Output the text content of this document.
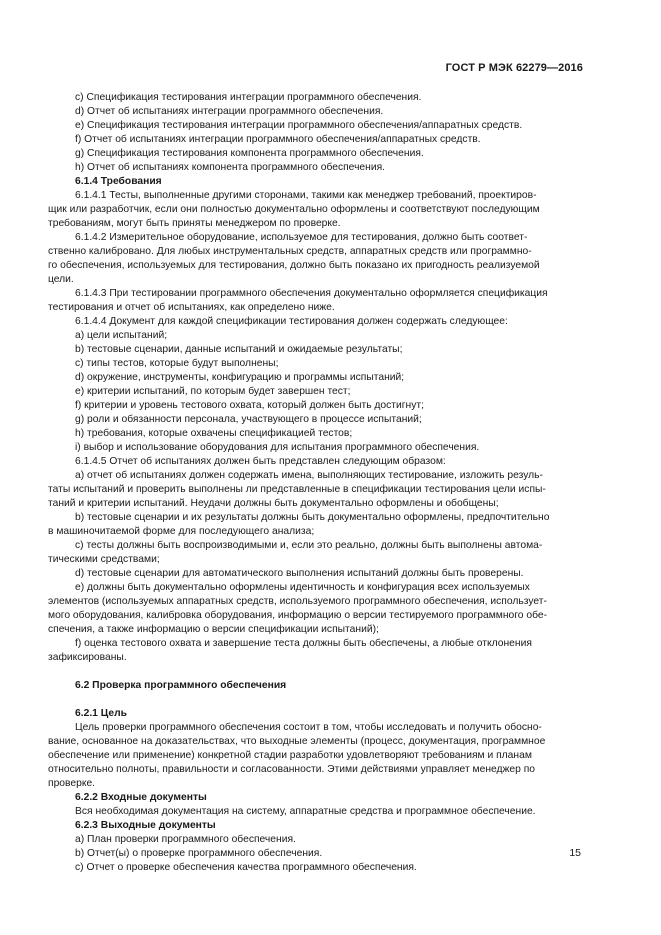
ГОСТ Р МЭК 62279—2016
c) Спецификация тестирования интеграции программного обеспечения.
d) Отчет об испытаниях интеграции программного обеспечения.
e) Спецификация тестирования интеграции программного обеспечения/аппаратных средств.
f) Отчет об испытаниях интеграции программного обеспечения/аппаратных средств.
g) Спецификация тестирования компонента программного обеспечения.
h) Отчет об испытаниях компонента программного обеспечения.
6.1.4 Требования
6.1.4.1 Тесты, выполненные другими сторонами, такими как менеджер требований, проектиров-
щик или разработчик, если они полностью документально оформлены и соответствуют последующим
требованиям, могут быть приняты менеджером по проверке.
6.1.4.2 Измерительное оборудование, используемое для тестирования, должно быть соответ-
ственно калибровано. Для любых инструментальных средств, аппаратных средств или программно-
го обеспечения, используемых для тестирования, должно быть показано их пригодность реализуемой
цели.
6.1.4.3 При тестировании программного обеспечения документально оформляется спецификация
тестирования и отчет об испытаниях, как определено ниже.
6.1.4.4 Документ для каждой спецификации тестирования должен содержать следующее:
a) цели испытаний;
b) тестовые сценарии, данные испытаний и ожидаемые результаты;
c) типы тестов, которые будут выполнены;
d) окружение, инструменты, конфигурацию и программы испытаний;
e) критерии испытаний, по которым будет завершен тест;
f) критерии и уровень тестового охвата, который должен быть достигнут;
g) роли и обязанности персонала, участвующего в процессе испытаний;
h) требования, которые охвачены спецификацией тестов;
i) выбор и использование оборудования для испытания программного обеспечения.
6.1.4.5 Отчет об испытаниях должен быть представлен следующим образом:
a) отчет об испытаниях должен содержать имена, выполняющих тестирование, изложить резуль-
таты испытаний и проверить выполнены ли представленные в спецификации тестирования цели испы-
таний и критерии испытаний. Неудачи должны быть документально оформлены и обобщены;
b) тестовые сценарии и их результаты должны быть документально оформлены, предпочтительно
в машиночитаемой форме для последующего анализа;
c) тесты должны быть воспроизводимыми и, если это реально, должны быть выполнены автома-
тическими средствами;
d) тестовые сценарии для автоматического выполнения испытаний должны быть проверены.
e) должны быть документально оформлены идентичность и конфигурация всех используемых
элементов (используемых аппаратных средств, используемого программного обеспечения, использует-
мого оборудования, калибровка оборудования, информацию о версии тестируемого программного обе-
спечения, а также информацию о версии спецификации испытаний);
f) оценка тестового охвата и завершение теста должны быть обеспечены, а любые отклонения
зафиксированы.
6.2 Проверка программного обеспечения
6.2.1 Цель
Цель проверки программного обеспечения состоит в том, чтобы исследовать и получить обосно-
вание, основанное на доказательствах, что выходные элементы (процесс, документация, программное
обеспечение или применение) конкретной стадии разработки удовлетворяют требованиям и планам
относительно полноты, правильности и согласованности. Этими действиями управляет менеджер по
проверке.
6.2.2 Входные документы
Вся необходимая документация на систему, аппаратные средства и программное обеспечение.
6.2.3 Выходные документы
a) План проверки программного обеспечения.
b) Отчет(ы) о проверке программного обеспечения.
c) Отчет о проверке обеспечения качества программного обеспечения.
15
